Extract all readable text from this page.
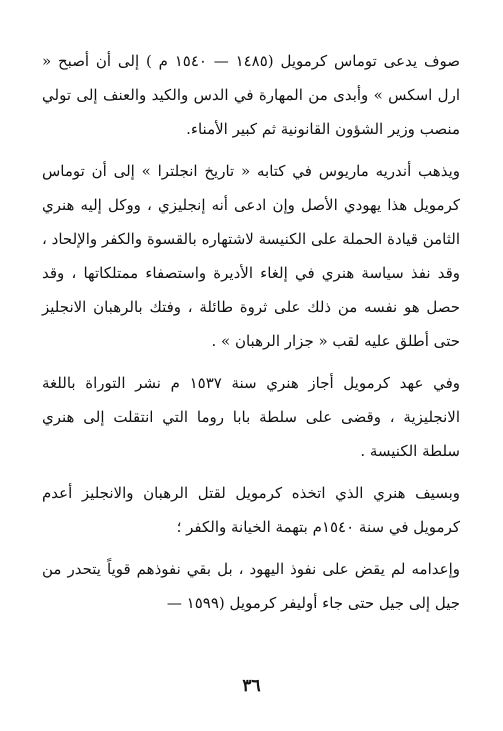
صوف يدعى توماس كرمويل (١٤٨٥ — ١٥٤٠ م ) إلى أن أصبح « ارل اسكس » وأبدى من المهارة في الدس والكيد والعنف إلى تولي منصب وزير الشؤون القانونية ثم كبير الأمناء.

ويذهب أندريه ماريوس في كتابه « تاريخ انجلترا » إلى أن توماس كرمويل هذا يهودي الأصل وإن ادعى أنه إنجليزي ، ووكل إليه هنري الثامن قيادة الحملة على الكنيسة لاشتهاره بالقسوة والكفر والإلحاد ، وقد نفذ سياسة هنري في إلغاء الأديرة واستصفاء ممتلكاتها ، وقد حصل هو نفسه من ذلك على ثروة طائلة ، وفتك بالرهبان الانجليز حتى أطلق عليه لقب « جزار الرهبان » .

وفي عهد كرمويل أجاز هنري سنة ١٥٣٧ م نشر التوراة باللغة الانجليزية ، وقضى على سلطة بابا روما التي انتقلت إلى هنري سلطة الكنيسة .

وبسيف هنري الذي اتخذه كرمويل لقتل الرهبان والانجليز أعدم كرمويل في سنة ١٥٤٠م بتهمة الخيانة والكفر ؛

وإعدامه لم يقض على نفوذ اليهود ، بل بقي نفوذهم قوياً يتحدر من جيل إلى جيل حتى جاء أوليفر كرمويل (١٥٩٩ —

٣٦
